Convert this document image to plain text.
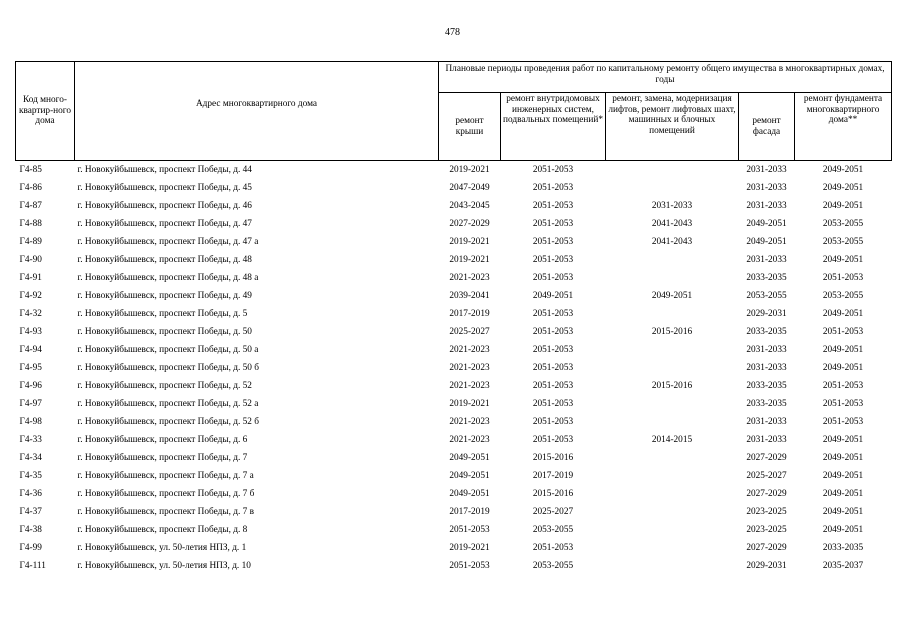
478
Код много-квартир-ного дома	Адрес многоквартирного дома	Плановые периоды проведения работ по капитальному ремонту общего имущества в многоквартирных домах, годы				
		ремонт крыши	ремонт внутридомовых инженерных систем, подвальных помещений*	ремонт, замена, модернизация лифтов, ремонт лифтовых шахт, машинных и блочных помещений	ремонт фасада	ремонт фундамента многоквартирного дома**
Г4-85	г. Новокуйбышевск, проспект Победы, д. 44	2019-2021	2051-2053		2031-2033	2049-2051
Г4-86	г. Новокуйбышевск, проспект Победы, д. 45	2047-2049	2051-2053		2031-2033	2049-2051
Г4-87	г. Новокуйбышевск, проспект Победы, д. 46	2043-2045	2051-2053	2031-2033	2031-2033	2049-2051
Г4-88	г. Новокуйбышевск, проспект Победы, д. 47	2027-2029	2051-2053	2041-2043	2049-2051	2053-2055
Г4-89	г. Новокуйбышевск, проспект Победы, д. 47 а	2019-2021	2051-2053	2041-2043	2049-2051	2053-2055
Г4-90	г. Новокуйбышевск, проспект Победы, д. 48	2019-2021	2051-2053		2031-2033	2049-2051
Г4-91	г. Новокуйбышевск, проспект Победы, д. 48 а	2021-2023	2051-2053		2033-2035	2051-2053
Г4-92	г. Новокуйбышевск, проспект Победы, д. 49	2039-2041	2049-2051	2049-2051	2053-2055	2053-2055
Г4-32	г. Новокуйбышевск, проспект Победы, д. 5	2017-2019	2051-2053		2029-2031	2049-2051
Г4-93	г. Новокуйбышевск, проспект Победы, д. 50	2025-2027	2051-2053	2015-2016	2033-2035	2051-2053
Г4-94	г. Новокуйбышевск, проспект Победы, д. 50 а	2021-2023	2051-2053		2031-2033	2049-2051
Г4-95	г. Новокуйбышевск, проспект Победы, д. 50 б	2021-2023	2051-2053		2031-2033	2049-2051
Г4-96	г. Новокуйбышевск, проспект Победы, д. 52	2021-2023	2051-2053	2015-2016	2033-2035	2051-2053
Г4-97	г. Новокуйбышевск, проспект Победы, д. 52 а	2019-2021	2051-2053		2033-2035	2051-2053
Г4-98	г. Новокуйбышевск, проспект Победы, д. 52 б	2021-2023	2051-2053		2031-2033	2051-2053
Г4-33	г. Новокуйбышевск, проспект Победы, д. 6	2021-2023	2051-2053	2014-2015	2031-2033	2049-2051
Г4-34	г. Новокуйбышевск, проспект Победы, д. 7	2049-2051	2015-2016		2027-2029	2049-2051
Г4-35	г. Новокуйбышевск, проспект Победы, д. 7 а	2049-2051	2017-2019		2025-2027	2049-2051
Г4-36	г. Новокуйбышевск, проспект Победы, д. 7 б	2049-2051	2015-2016		2027-2029	2049-2051
Г4-37	г. Новокуйбышевск, проспект Победы, д. 7 в	2017-2019	2025-2027		2023-2025	2049-2051
Г4-38	г. Новокуйбышевск, проспект Победы, д. 8	2051-2053	2053-2055		2023-2025	2049-2051
Г4-99	г. Новокуйбышевск, ул. 50-летия НПЗ, д. 1	2019-2021	2051-2053		2027-2029	2033-2035
Г4-111	г. Новокуйбышевск, ул. 50-летия НПЗ, д. 10	2051-2053	2053-2055		2029-2031	2035-2037
